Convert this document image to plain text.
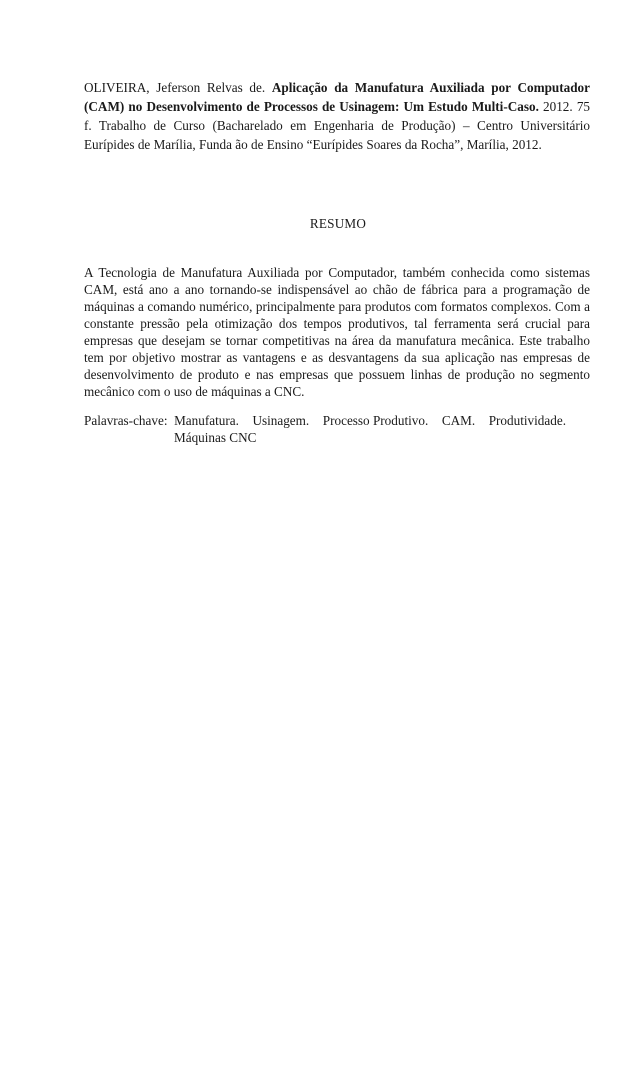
OLIVEIRA, Jeferson Relvas de. Aplicação da Manufatura Auxiliada por Computador (CAM) no Desenvolvimento de Processos de Usinagem: Um Estudo Multi-Caso. 2012. 75 f. Trabalho de Curso (Bacharelado em Engenharia de Produção) – Centro Universitário Eurípides de Marília, Funda ão de Ensino “Eurípides Soares da Rocha”, Marília, 2012.

RESUMO

A Tecnologia de Manufatura Auxiliada por Computador, também conhecida como sistemas CAM, está ano a ano tornando-se indispensável ao chão de fábrica para a programação de máquinas a comando numérico, principalmente para produtos com formatos complexos. Com a constante pressão pela otimização dos tempos produtivos, tal ferramenta será crucial para empresas que desejam se tornar competitivas na área da manufatura mecânica. Este trabalho tem por objetivo mostrar as vantagens e as desvantagens da sua aplicação nas empresas de desenvolvimento de produto e nas empresas que possuem linhas de produção no segmento mecânico com o uso de máquinas a CNC.

Palavras-chave: Manufatura. Usinagem. Processo Produtivo. CAM. Produtividade.
Máquinas CNC
